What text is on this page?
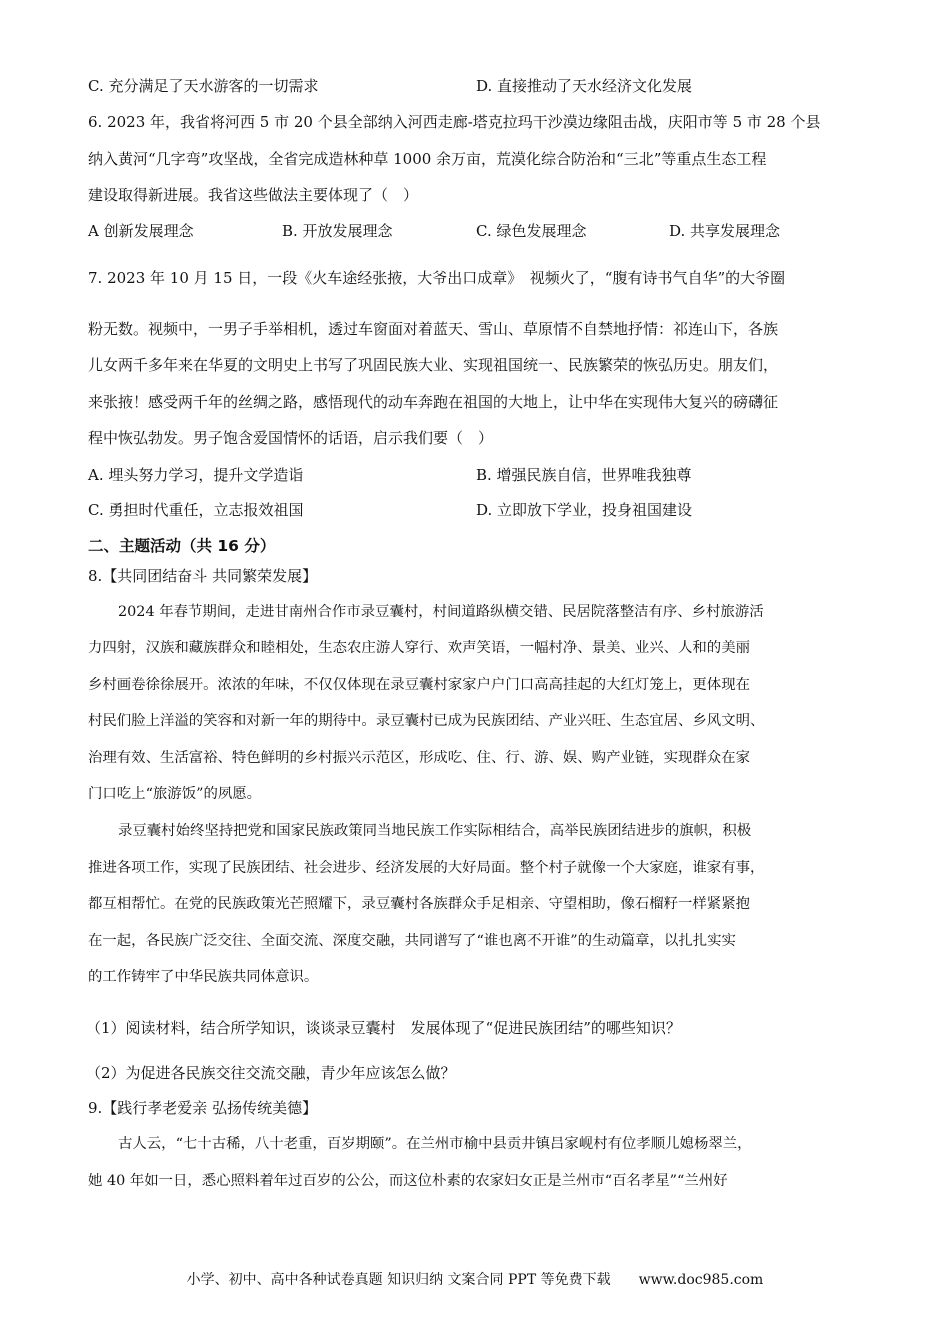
C. 充分满足了天水游客的一切需求	D. 直接推动了天水经济文化发展
6. 2023 年，我省将河西 5 市 20 个县全部纳入河西走廊-塔克拉玛干沙漠边缘阻击战，庆阳市等 5 市 28 个县
纳入黄河“几字弯”攻坚战，全省完成造林种草 1000 余万亩，荒漠化综合防治和“三北”等重点生态工程
建设取得新进展。我省这些做法主要体现了（　）
A 创新发展理念	B. 开放发展理念	C. 绿色发展理念	D. 共享发展理念
7. 2023 年 10 月 15 日，一段《火车途经张掖，大爷出口成章》　视频火了，“腹有诗书气自华”的大爷圈
粉无数。视频中，一男子手举相机，透过车窗面对着蓝天、雪山、草原情不自禁地抒情：祁连山下，各族
儿女两千多年来在华夏的文明史上书写了巩固民族大业、实现祖国统一、民族繁荣的恢弘历史。朋友们，
来张掖！感受两千年的丝绸之路，感悟现代的动车奔跑在祖国的大地上，让中华在实现伟大复兴的磅礴征
程中恢弘勃发。男子饱含爱国情怀的话语，启示我们要（　）
A. 埋头努力学习，提升文学造诣	B. 增强民族自信，世界唯我独尊
C. 勇担时代重任，立志报效祖国	D. 立即放下学业，投身祖国建设
二、主题活动（共 16 分）
8.【共同团结奋斗 共同繁荣发展】
2024 年春节期间，走进甘南州合作市录豆囊村，村间道路纵横交错、民居院落整洁有序、乡村旅游活
力四射，汉族和藏族群众和睦相处，生态农庄游人穿行、欢声笑语，一幅村净、景美、业兴、人和的美丽
乡村画卷徐徐展开。浓浓的年味，不仅仅体现在录豆囊村家家户户门口高高挂起的大红灯笼上，更体现在
村民们脸上洋溢的笑容和对新一年的期待中。录豆囊村已成为民族团结、产业兴旺、生态宜居、乡风文明、
治理有效、生活富裕、特色鲜明的乡村振兴示范区，形成吃、住、行、游、娱、购产业链，实现群众在家
门口吃上“旅游饭”的夙愿。
录豆囊村始终坚持把党和国家民族政策同当地民族工作实际相结合，高举民族团结进步的旗帜，积极
推进各项工作，实现了民族团结、社会进步、经济发展的大好局面。整个村子就像一个大家庭，谁家有事，
都互相帮忙。在党的民族政策光芒照耀下，录豆囊村各族群众手足相亲、守望相助，像石榴籽一样紧紧抱
在一起，各民族广泛交往、全面交流、深度交融，共同谱写了“谁也离不开谁”的生动篇章，以扎扎实实
的工作铸牢了中华民族共同体意识。
（1）阅读材料，结合所学知识，谈谈录豆囊村　发展体现了“促进民族团结”的哪些知识？
（2）为促进各民族交往交流交融，青少年应该怎么做？
9.【践行孝老爱亲 弘扬传统美德】
古人云，“七十古稀，八十老重，百岁期颐”。在兰州市榆中县贡井镇吕家岘村有位孝顺儿媳杨翠兰，
她 40 年如一日，悉心照料着年过百岁的公公，而这位朴素的农家妇女正是兰州市“百名孝星”“兰州好
小学、初中、高中各种试卷真题 知识归纳 文案合同 PPT 等免费下载　　www.doc985.com
